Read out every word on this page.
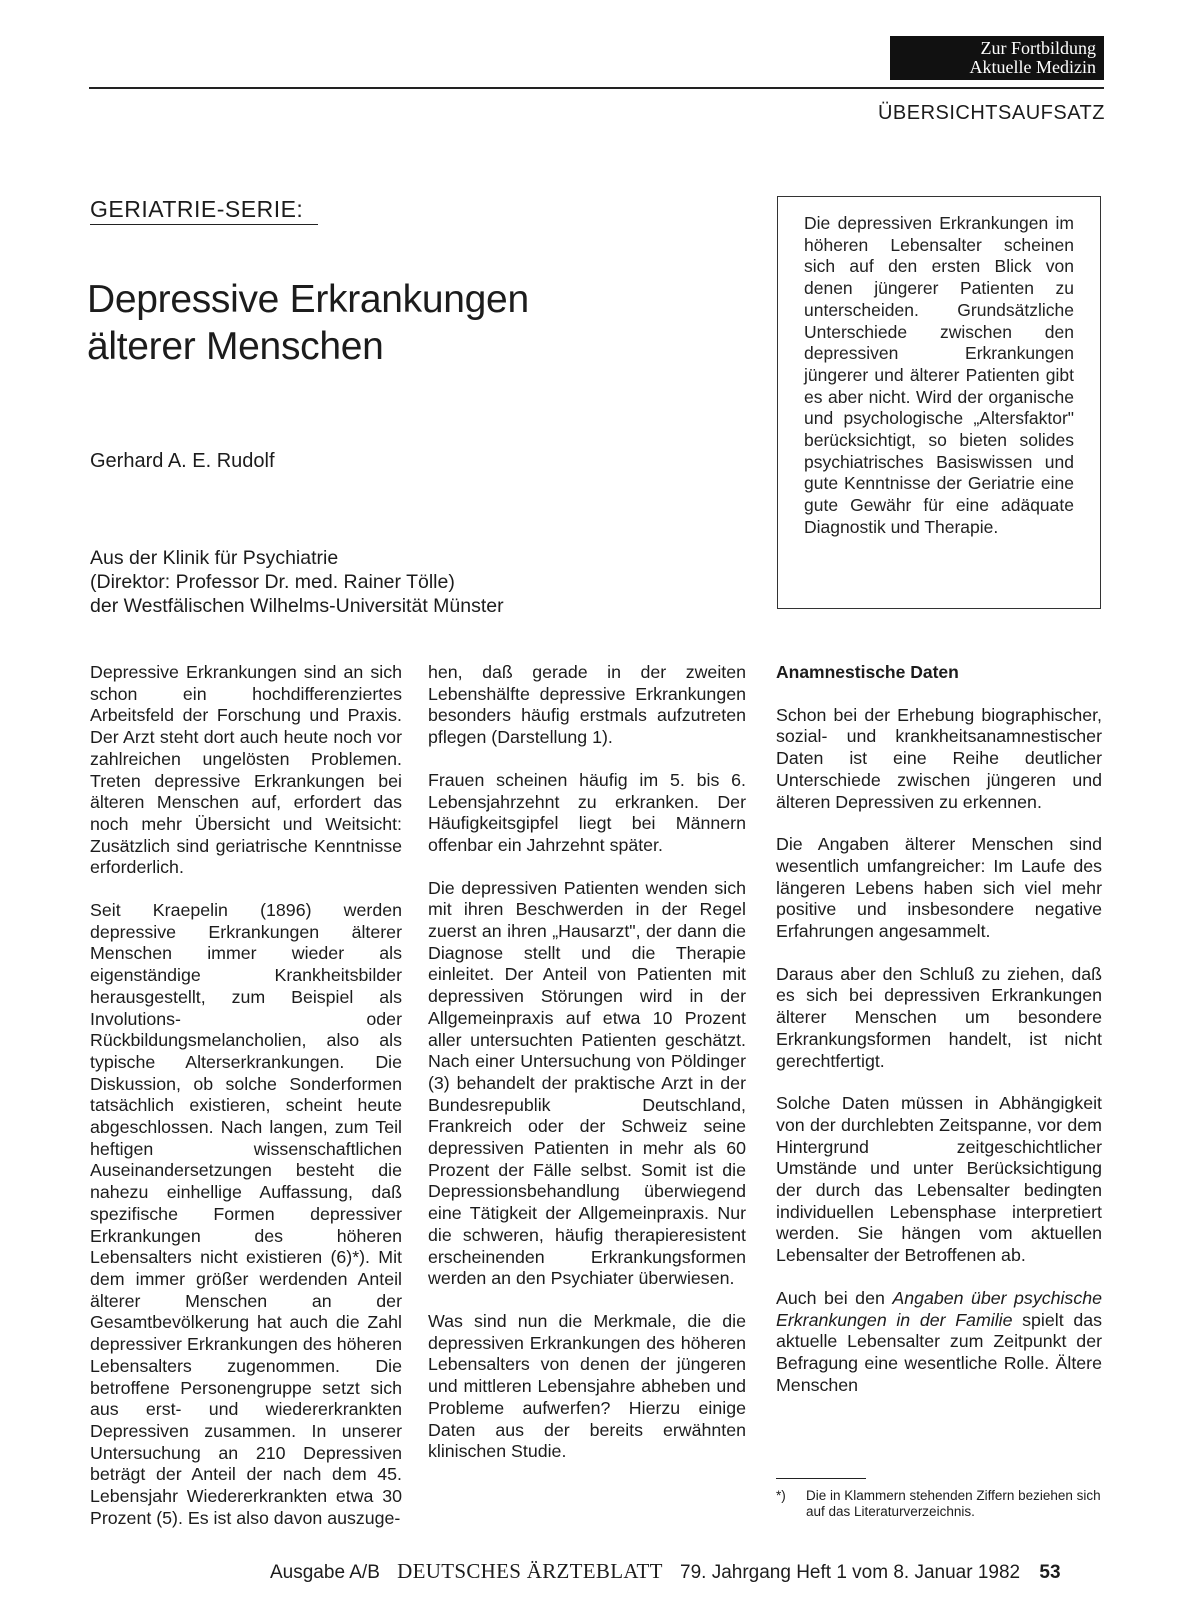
Zur Fortbildung
Aktuelle Medizin
ÜBERSICHTSAUFSATZ
GERIATRIE-SERIE:
Depressive Erkrankungen
älterer Menschen
Gerhard A. E. Rudolf
Aus der Klinik für Psychiatrie
(Direktor: Professor Dr. med. Rainer Tölle)
der Westfälischen Wilhelms-Universität Münster
Die depressiven Erkrankungen im höheren Lebensalter scheinen sich auf den ersten Blick von denen jüngerer Patienten zu unterscheiden. Grundsätzliche Unterschiede zwischen den depressiven Erkrankungen jüngerer und älterer Patienten gibt es aber nicht. Wird der organische und psychologische „Altersfaktor" berücksichtigt, so bieten solides psychiatrisches Basiswissen und gute Kenntnisse der Geriatrie eine gute Gewähr für eine adäquate Diagnostik und Therapie.

Depressive Erkrankungen sind an sich schon ein hochdifferenziertes Arbeitsfeld der Forschung und Praxis. Der Arzt steht dort auch heute noch vor zahlreichen ungelösten Problemen. Treten depressive Erkrankungen bei älteren Menschen auf, erfordert das noch mehr Übersicht und Weitsicht: Zusätzlich sind geriatrische Kenntnisse erforderlich.

Seit Kraepelin (1896) werden depressive Erkrankungen älterer Menschen immer wieder als eigenständige Krankheitsbilder herausgestellt, zum Beispiel als Involutions- oder Rückbildungsmelancholien, also als typische Alterserkrankungen. Die Diskussion, ob solche Sonderformen tatsächlich existieren, scheint heute abgeschlossen. Nach langen, zum Teil heftigen wissenschaftlichen Auseinandersetzungen besteht die nahezu einhellige Auffassung, daß spezifische Formen depressiver Erkrankungen des höheren Lebensalters nicht existieren (6)*). Mit dem immer größer werdenden Anteil älterer Menschen an der Gesamtbevölkerung hat auch die Zahl depressiver Erkrankungen des höheren Lebensalters zugenommen. Die betroffene Personengruppe setzt sich aus erst- und wiedererkrankten Depressiven zusammen. In unserer Untersuchung an 210 Depressiven beträgt der Anteil der nach dem 45. Lebensjahr Wiedererkrankten etwa 30 Prozent (5). Es ist also davon auszuge-

hen, daß gerade in der zweiten Lebenshälfte depressive Erkrankungen besonders häufig erstmals aufzutreten pflegen (Darstellung 1).

Frauen scheinen häufig im 5. bis 6. Lebensjahrzehnt zu erkranken. Der Häufigkeitsgipfel liegt bei Männern offenbar ein Jahrzehnt später.

Die depressiven Patienten wenden sich mit ihren Beschwerden in der Regel zuerst an ihren „Hausarzt", der dann die Diagnose stellt und die Therapie einleitet. Der Anteil von Patienten mit depressiven Störungen wird in der Allgemeinpraxis auf etwa 10 Prozent aller untersuchten Patienten geschätzt. Nach einer Untersuchung von Pöldinger (3) behandelt der praktische Arzt in der Bundesrepublik Deutschland, Frankreich oder der Schweiz seine depressiven Patienten in mehr als 60 Prozent der Fälle selbst. Somit ist die Depressionsbehandlung überwiegend eine Tätigkeit der Allgemeinpraxis. Nur die schweren, häufig therapieresistent erscheinenden Erkrankungsformen werden an den Psychiater überwiesen.

Was sind nun die Merkmale, die die depressiven Erkrankungen des höheren Lebensalters von denen der jüngeren und mittleren Lebensjahre abheben und Probleme aufwerfen? Hierzu einige Daten aus der bereits erwähnten klinischen Studie.

Anamnestische Daten

Schon bei der Erhebung biographischer, sozial- und krankheitsanamnestischer Daten ist eine Reihe deutlicher Unterschiede zwischen jüngeren und älteren Depressiven zu erkennen.

Die Angaben älterer Menschen sind wesentlich umfangreicher: Im Laufe des längeren Lebens haben sich viel mehr positive und insbesondere negative Erfahrungen angesammelt.

Daraus aber den Schluß zu ziehen, daß es sich bei depressiven Erkrankungen älterer Menschen um besondere Erkrankungsformen handelt, ist nicht gerechtfertigt.

Solche Daten müssen in Abhängigkeit von der durchlebten Zeitspanne, vor dem Hintergrund zeitgeschichtlicher Umstände und unter Berücksichtigung der durch das Lebensalter bedingten individuellen Lebensphase interpretiert werden. Sie hängen vom aktuellen Lebensalter der Betroffenen ab.

Auch bei den Angaben über psychische Erkrankungen in der Familie spielt das aktuelle Lebensalter zum Zeitpunkt der Befragung eine wesentliche Rolle. Ältere Menschen

*)	Die in Klammern stehenden Ziffern beziehen sich auf das Literaturverzeichnis.
Ausgabe A/B DEUTSCHES ÄRZTEBLATT 79. Jahrgang Heft 1 vom 8. Januar 1982 53
